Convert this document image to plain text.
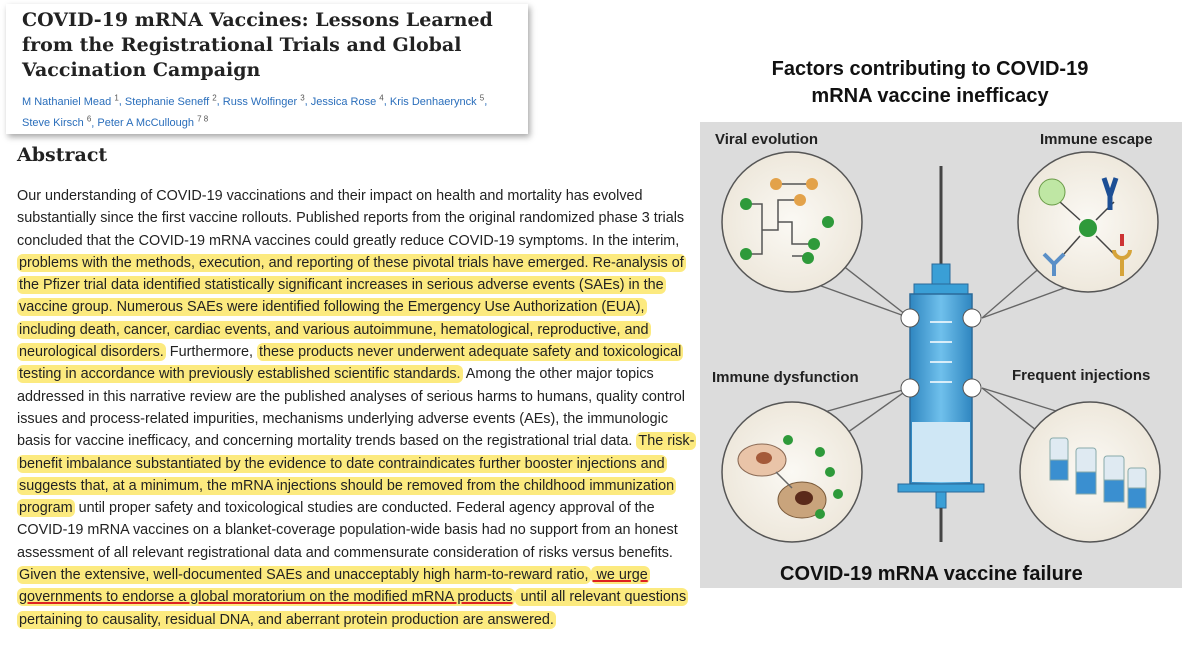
COVID-19 mRNA Vaccines: Lessons Learned from the Registrational Trials and Global Vaccination Campaign
M Nathaniel Mead $^1$, Stephanie Seneff $^2$, Russ Wolfinger $^3$, Jessica Rose $^4$, Kris Denhaerynck $^5$,
Steve Kirsch $^6$, Peter A McCullough $^{7 8}$
Abstract
Our understanding of COVID-19 vaccinations and their impact on health and mortality has evolved substantially since the first vaccine rollouts. Published reports from the original randomized phase 3 trials concluded that the COVID-19 mRNA vaccines could greatly reduce COVID-19 symptoms. In the interim, problems with the methods, execution, and reporting of these pivotal trials have emerged. Re-analysis of the Pfizer trial data identified statistically significant increases in serious adverse events (SAEs) in the vaccine group. Numerous SAEs were identified following the Emergency Use Authorization (EUA), including death, cancer, cardiac events, and various autoimmune, hematological, reproductive, and neurological disorders. Furthermore, these products never underwent adequate safety and toxicological testing in accordance with previously established scientific standards. Among the other major topics addressed in this narrative review are the published analyses of serious harms to humans, quality control issues and process-related impurities, mechanisms underlying adverse events (AEs), the immunologic basis for vaccine inefficacy, and concerning mortality trends based on the registrational trial data. The risk-benefit imbalance substantiated by the evidence to date contraindicates further booster injections and suggests that, at a minimum, the mRNA injections should be removed from the childhood immunization program until proper safety and toxicological studies are conducted. Federal agency approval of the COVID-19 mRNA vaccines on a blanket-coverage population-wide basis had no support from an honest assessment of all relevant registrational data and commensurate consideration of risks versus benefits. Given the extensive, well-documented SAEs and unacceptably high harm-to-reward ratio, we urge governments to endorse a global moratorium on the modified mRNA products until all relevant questions pertaining to causality, residual DNA, and aberrant protein production are answered.
Factors contributing to COVID-19
mRNA vaccine inefficacy
Viral evolution	Immune escape
Immune dysfunction	Frequent injections
COVID-19 mRNA vaccine failure
